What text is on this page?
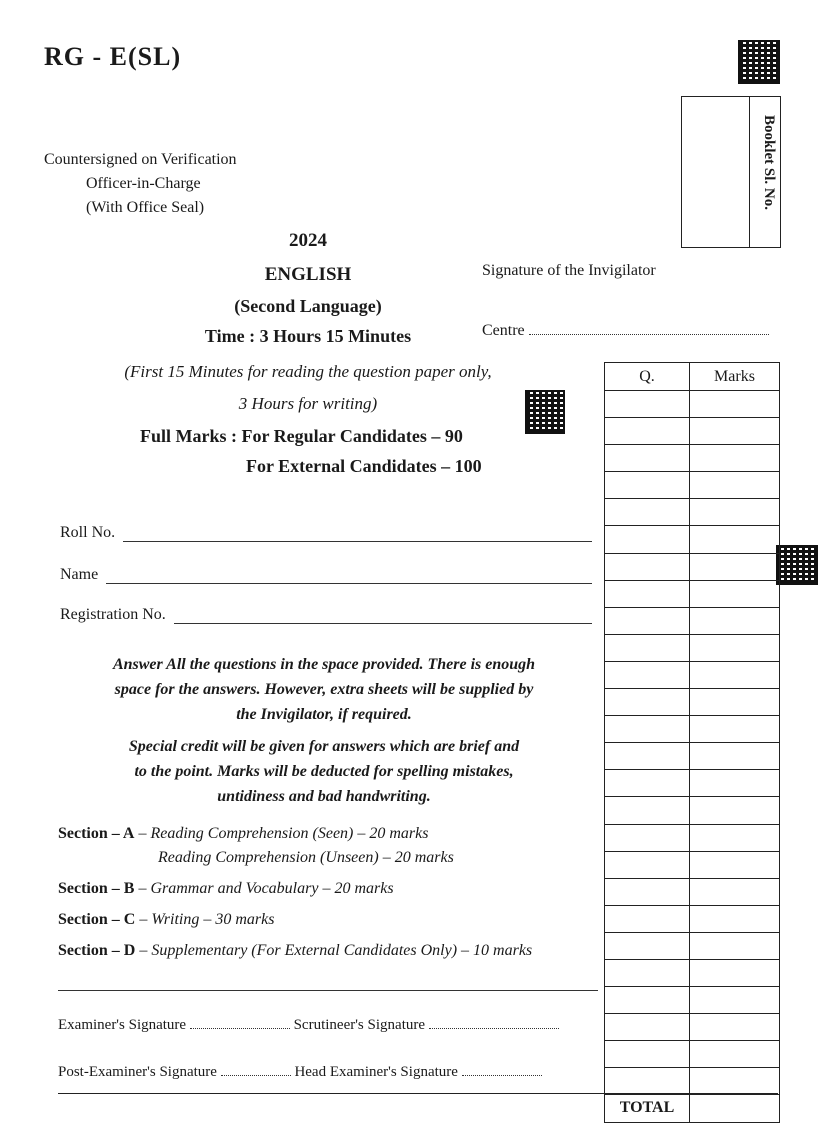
RG - E(SL)
Booklet Sl. No.
Countersigned on Verification
Officer-in-Charge
(With Office Seal)
2024
ENGLISH
(Second Language)
Time : 3 Hours 15 Minutes
(First 15 Minutes for reading the question paper only,
3 Hours for writing)
Signature of the Invigilator
Centre
Full Marks : For Regular Candidates – 90
For External Candidates – 100
Roll No.
Name
Registration No.
Answer All the questions in the space provided. There is enough
space for the answers. However, extra sheets will be supplied by
the Invigilator, if required.
Special credit will be given for answers which are brief and
to the point. Marks will be deducted for spelling mistakes,
untidiness and bad handwriting.
Section – A – Reading Comprehension (Seen) – 20 marks
Reading Comprehension (Unseen) – 20 marks
Section – B – Grammar and Vocabulary – 20 marks
Section – C – Writing – 30 marks
Section – D – Supplementary (For External Candidates Only) – 10 marks
Examiner's Signature	Scrutineer's Signature
Post-Examiner's Signature	Head Examiner's Signature
Q.	Marks

TOTAL	
